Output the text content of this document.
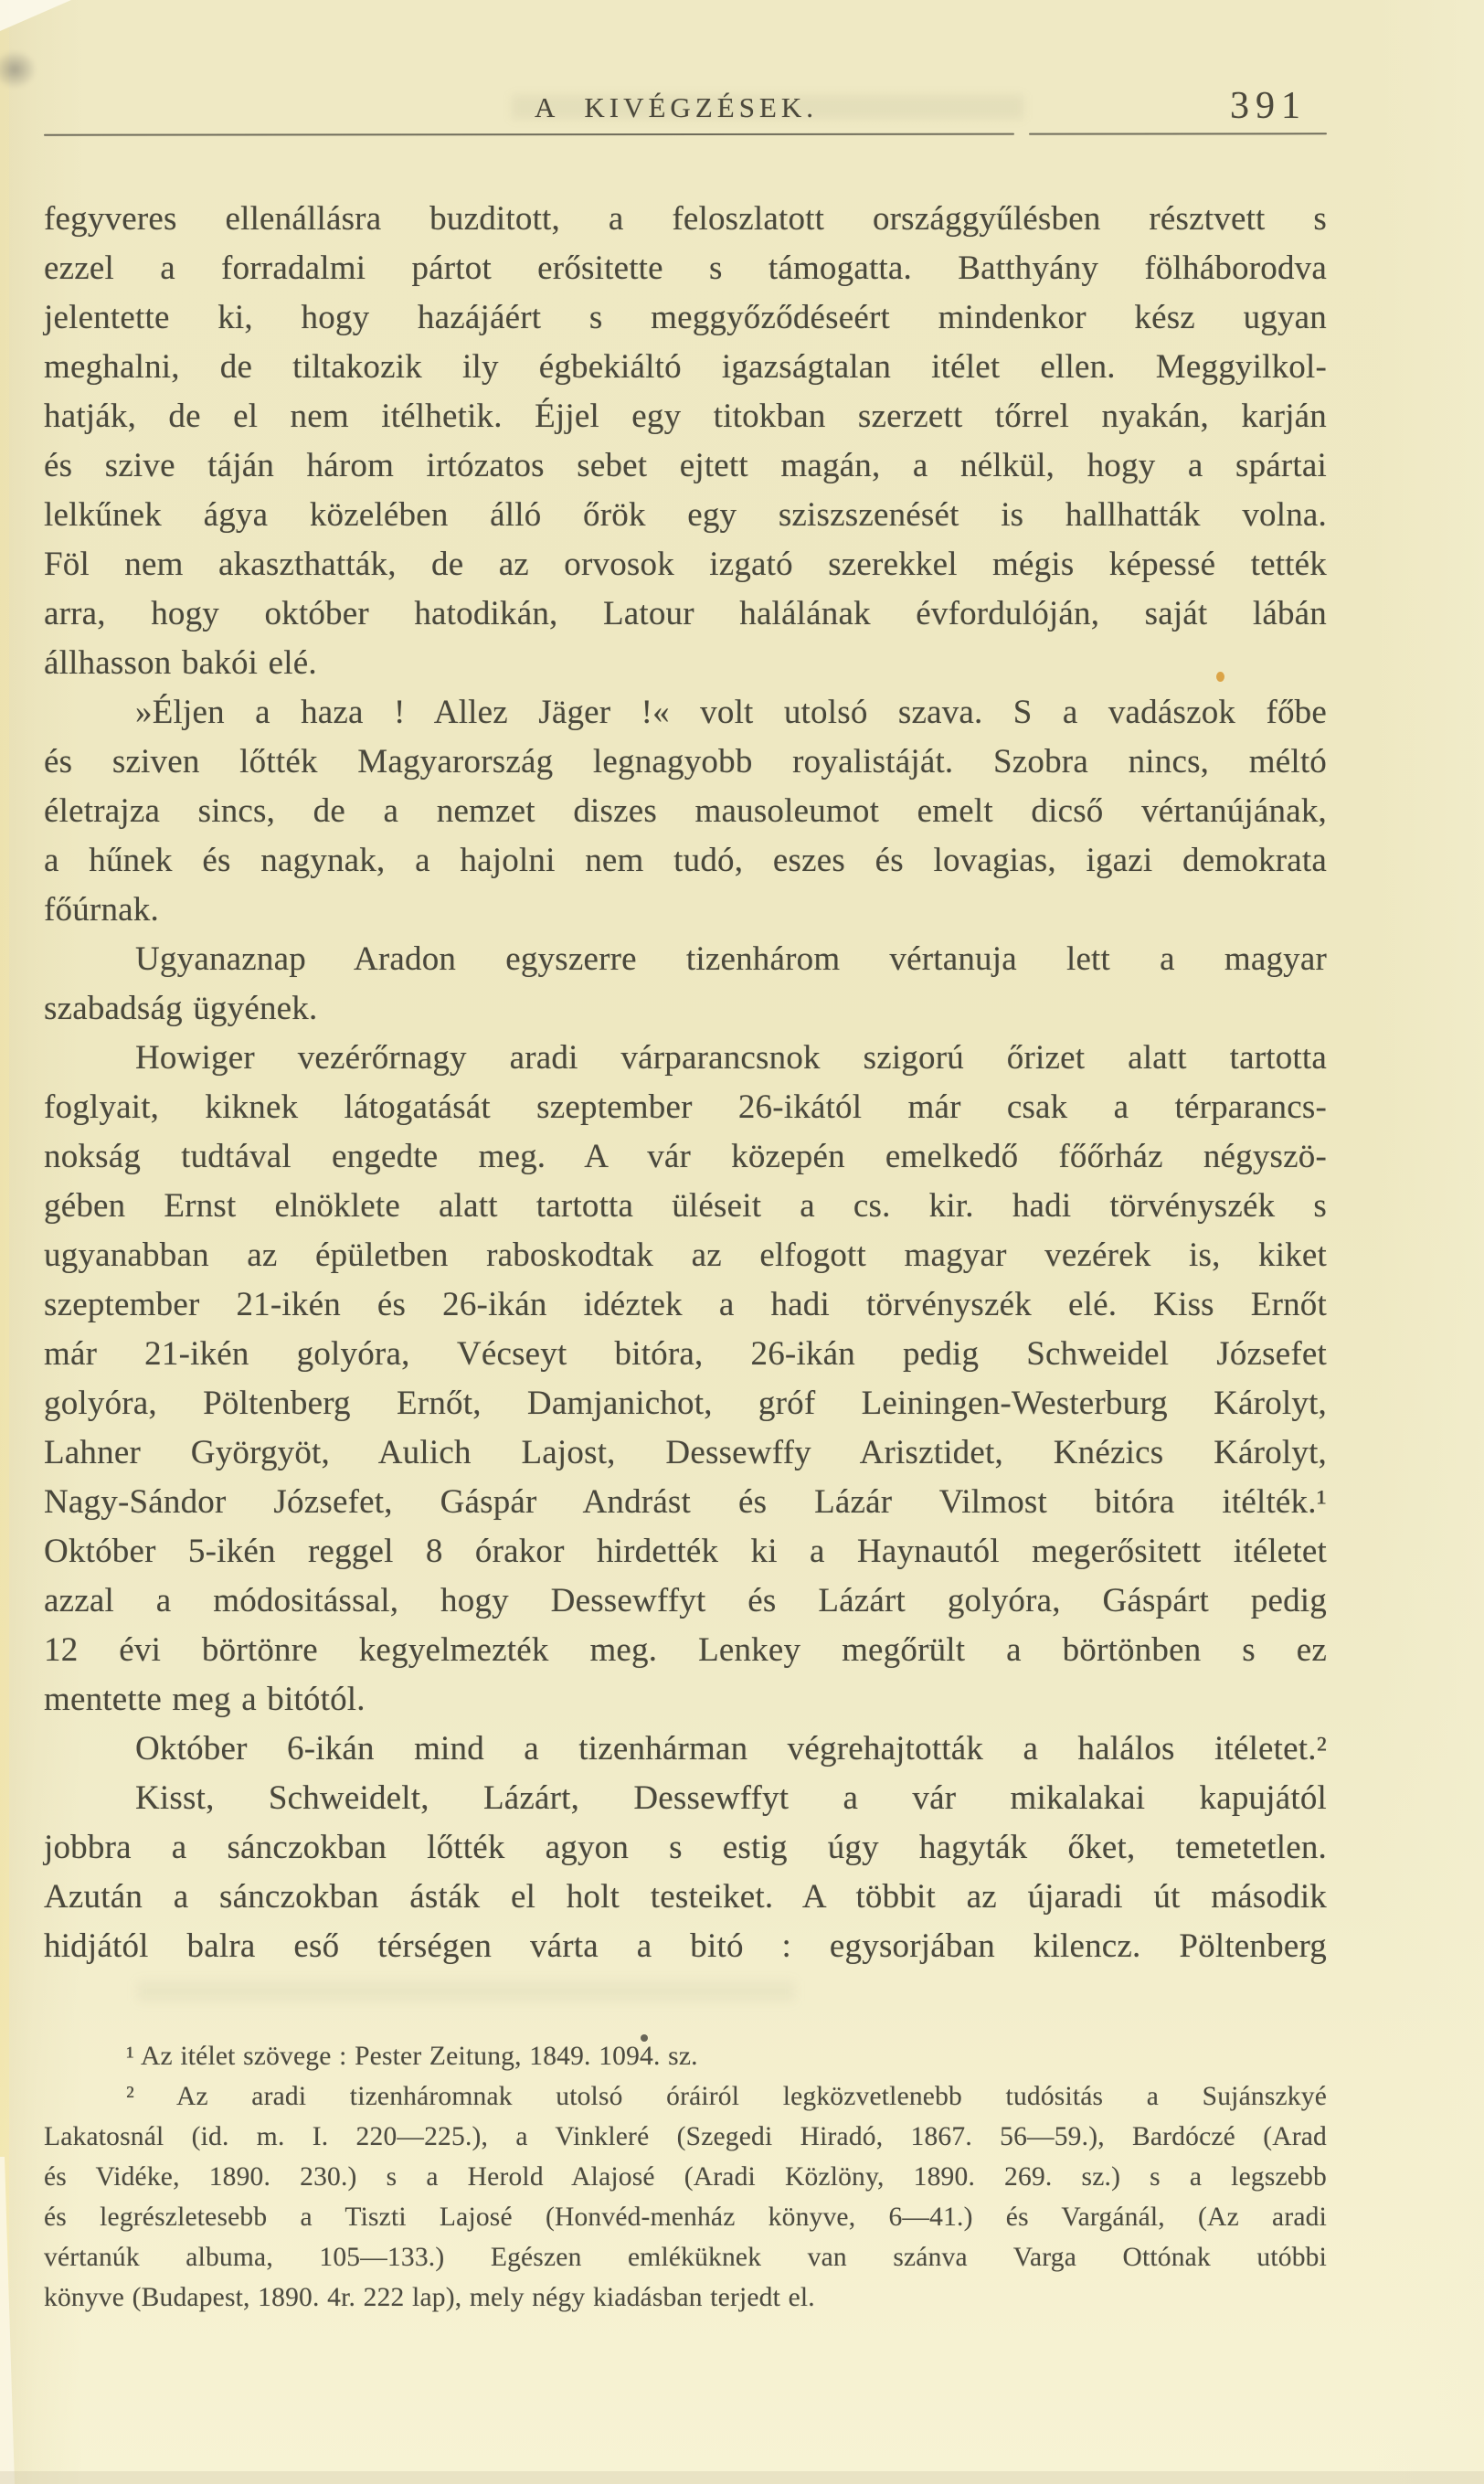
A KIVÉGZÉSEK.	391
fegyveres ellenállásra buzditott, a feloszlatott országgyűlésben résztvett s
ezzel a forradalmi pártot erősitette s támogatta. Batthyány fölháborodva
jelentette ki, hogy hazájáért s meggyőződéseért mindenkor kész ugyan
meghalni, de tiltakozik ily égbekiáltó igazságtalan itélet ellen. Meggyilkol-
hatják, de el nem itélhetik. Éjjel egy titokban szerzett tőrrel nyakán, karján
és szive táján három irtózatos sebet ejtett magán, a nélkül, hogy a spártai
lelkűnek ágya közelében álló őrök egy sziszszenését is hallhatták volna.
Föl nem akaszthatták, de az orvosok izgató szerekkel mégis képessé tették
arra, hogy október hatodikán, Latour halálának évfordulóján, saját lábán
állhasson bakói elé.
»Éljen a haza ! Allez Jäger !« volt utolsó szava. S a vadászok főbe
és sziven lőtték Magyarország legnagyobb royalistáját. Szobra nincs, méltó
életrajza sincs, de a nemzet diszes mausoleumot emelt dicső vértanújának,
a hűnek és nagynak, a hajolni nem tudó, eszes és lovagias, igazi demokrata
főúrnak.
Ugyanaznap Aradon egyszerre tizenhárom vértanuja lett a magyar
szabadság ügyének.
Howiger vezérőrnagy aradi várparancsnok szigorú őrizet alatt tartotta
foglyait, kiknek látogatását szeptember 26-ikától már csak a térparancs-
nokság tudtával engedte meg. A vár közepén emelkedő főőrház négyszö-
gében Ernst elnöklete alatt tartotta üléseit a cs. kir. hadi törvényszék s
ugyanabban az épületben raboskodtak az elfogott magyar vezérek is, kiket
szeptember 21-ikén és 26-ikán idéztek a hadi törvényszék elé. Kiss Ernőt
már 21-ikén golyóra, Vécseyt bitóra, 26-ikán pedig Schweidel Józsefet
golyóra, Pöltenberg Ernőt, Damjanichot, gróf Leiningen-Westerburg Károlyt,
Lahner Györgyöt, Aulich Lajost, Dessewffy Arisztidet, Knézics Károlyt,
Nagy-Sándor Józsefet, Gáspár Andrást és Lázár Vilmost bitóra itélték.¹
Október 5-ikén reggel 8 órakor hirdették ki a Haynautól megerősitett itéletet
azzal a módositással, hogy Dessewffyt és Lázárt golyóra, Gáspárt pedig
12 évi börtönre kegyelmezték meg. Lenkey megőrült a börtönben s ez
mentette meg a bitótól.
Október 6-ikán mind a tizenhárman végrehajtották a halálos itéletet.²
Kisst, Schweidelt, Lázárt, Dessewffyt a vár mikalakai kapujától
jobbra a sánczokban lőtték agyon s estig úgy hagyták őket, temetetlen.
Azután a sánczokban ásták el holt testeiket. A többit az újaradi út második
hidjától balra eső térségen várta a bitó : egysorjában kilencz. Pöltenberg
¹ Az itélet szövege : Pester Zeitung, 1849. 1094. sz.
² Az aradi tizenháromnak utolsó óráiról legközvetlenebb tudósitás a Sujánszkyé
Lakatosnál (id. m. I. 220—225.), a Vinkleré (Szegedi Hiradó, 1867. 56—59.), Bardóczé (Arad
és Vidéke, 1890. 230.) s a Herold Alajosé (Aradi Közlöny, 1890. 269. sz.) s a legszebb
és legrészletesebb a Tiszti Lajosé (Honvéd-menház könyve, 6—41.) és Vargánál, (Az aradi
vértanúk albuma, 105—133.) Egészen emléküknek van szánva Varga Ottónak utóbbi
könyve (Budapest, 1890. 4r. 222 lap), mely négy kiadásban terjedt el.
